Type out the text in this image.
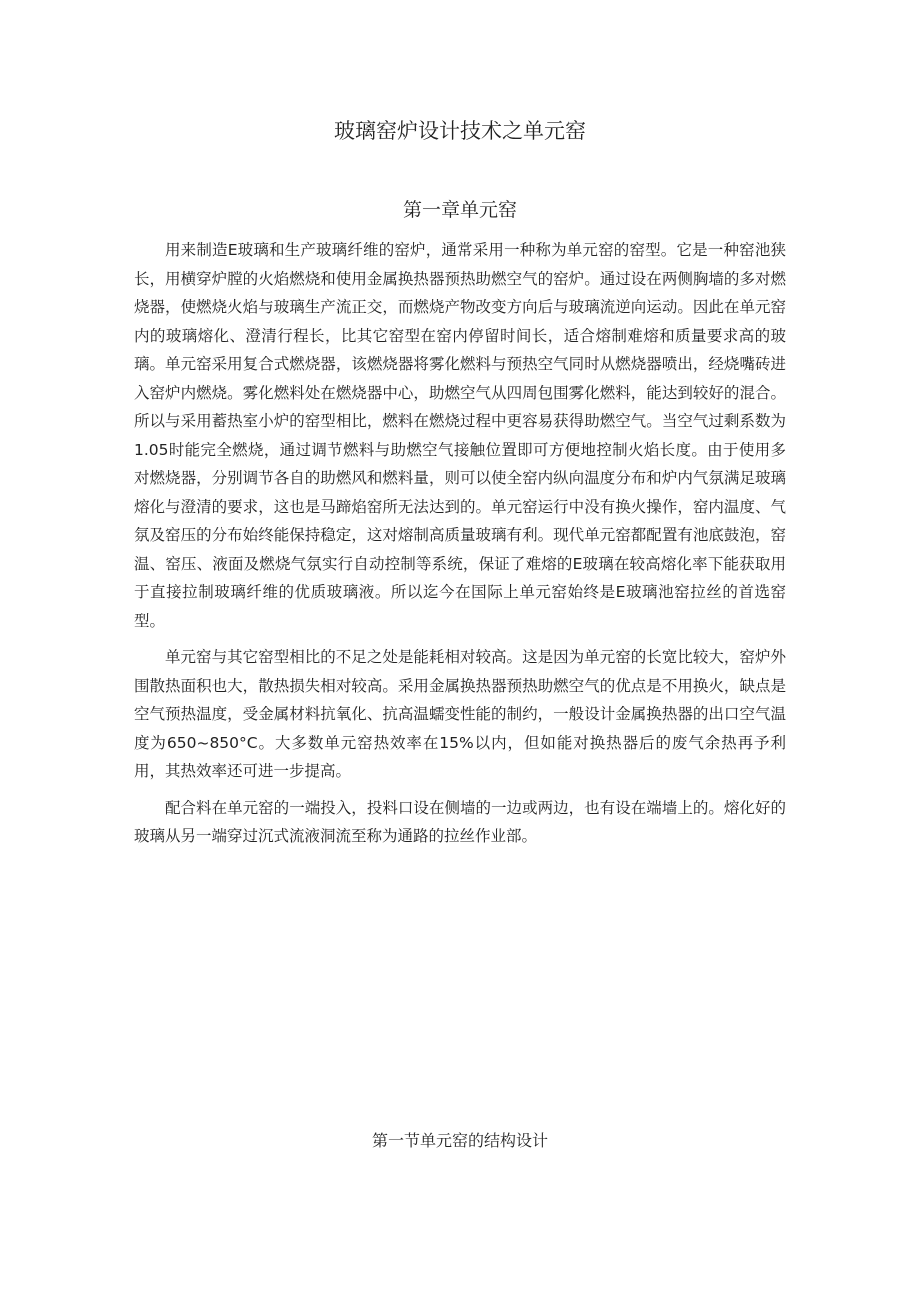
玻璃窑炉设计技术之单元窑
第一章单元窑

用来制造E玻璃和生产玻璃纤维的窑炉，通常采用一种称为单元窑的窑型。它是一种窑池狭长，用横穿炉膛的火焰燃烧和使用金属换热器预热助燃空气的窑炉。通过设在两侧胸墙的多对燃烧器，使燃烧火焰与玻璃生产流正交，而燃烧产物改变方向后与玻璃流逆向运动。因此在单元窑内的玻璃熔化、澄清行程长，比其它窑型在窑内停留时间长，适合熔制难熔和质量要求高的玻璃。单元窑采用复合式燃烧器，该燃烧器将雾化燃料与预热空气同时从燃烧器喷出，经烧嘴砖进入窑炉内燃烧。雾化燃料处在燃烧器中心，助燃空气从四周包围雾化燃料，能达到较好的混合。所以与采用蓄热室小炉的窑型相比，燃料在燃烧过程中更容易获得助燃空气。当空气过剩系数为1.05时能完全燃烧，通过调节燃料与助燃空气接触位置即可方便地控制火焰长度。由于使用多对燃烧器，分别调节各自的助燃风和燃料量，则可以使全窑内纵向温度分布和炉内气氛满足玻璃熔化与澄清的要求，这也是马蹄焰窑所无法达到的。单元窑运行中没有换火操作，窑内温度、气氛及窑压的分布始终能保持稳定，这对熔制高质量玻璃有利。现代单元窑都配置有池底鼓泡，窑温、窑压、液面及燃烧气氛实行自动控制等系统，保证了难熔的E玻璃在较高熔化率下能获取用于直接拉制玻璃纤维的优质玻璃液。所以迄今在国际上单元窑始终是E玻璃池窑拉丝的首选窑型。

单元窑与其它窑型相比的不足之处是能耗相对较高。这是因为单元窑的长宽比较大，窑炉外围散热面积也大，散热损失相对较高。采用金属换热器预热助燃空气的优点是不用换火，缺点是空气预热温度，受金属材料抗氧化、抗高温蠕变性能的制约，一般设计金属换热器的出口空气温度为650~850°C。大多数单元窑热效率在15%以内，但如能对换热器后的废气余热再予利用，其热效率还可进一步提高。

配合料在单元窑的一端投入，投料口设在侧墙的一边或两边，也有设在端墙上的。熔化好的玻璃从另一端穿过沉式流液洞流至称为通路的拉丝作业部。

第一节单元窑的结构设计
